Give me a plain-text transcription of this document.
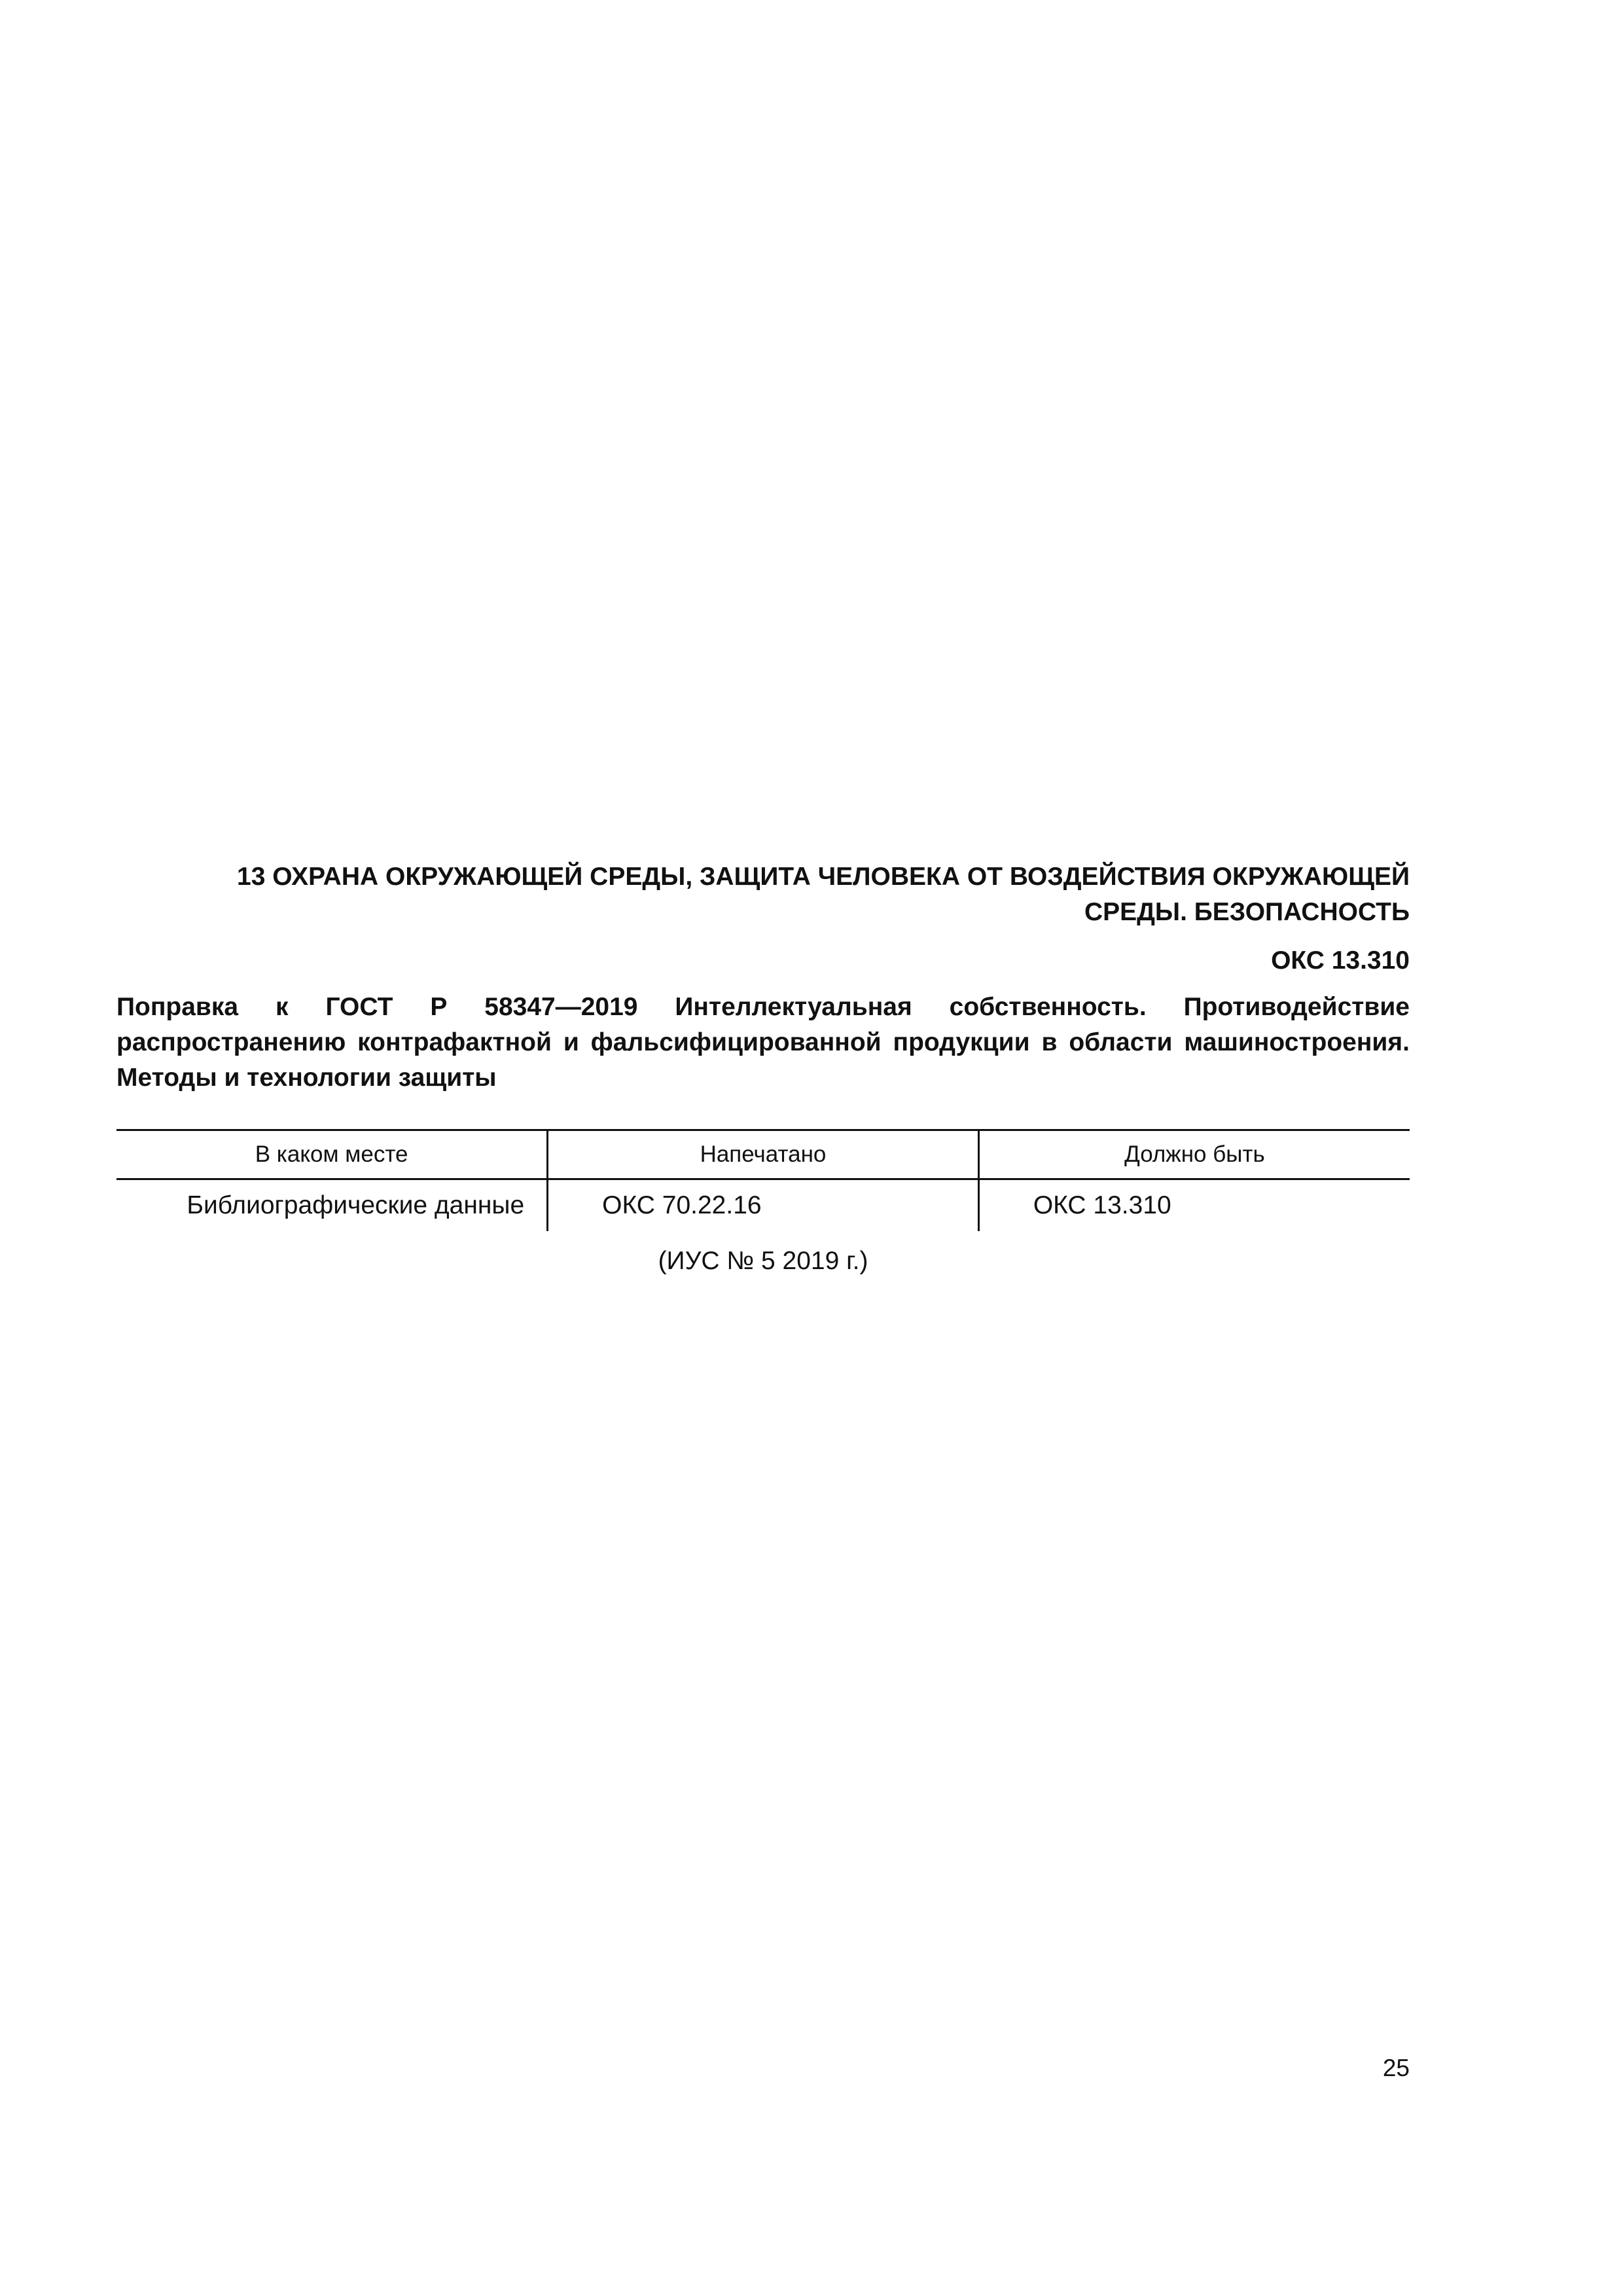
13 ОХРАНА ОКРУЖАЮЩЕЙ СРЕДЫ, ЗАЩИТА ЧЕЛОВЕКА ОТ ВОЗДЕЙСТВИЯ ОКРУЖАЮЩЕЙ
СРЕДЫ. БЕЗОПАСНОСТЬ
ОКС 13.310
Поправка к ГОСТ Р 58347—2019 Интеллектуальная собственность. Противодействие распространению контрафактной и фальсифицированной продукции в области машиностроения. Методы и технологии защиты
В каком месте	Напечатано	Должно быть
Библиографические данные	ОКС 70.22.16	ОКС 13.310
(ИУС № 5 2019 г.)
25
